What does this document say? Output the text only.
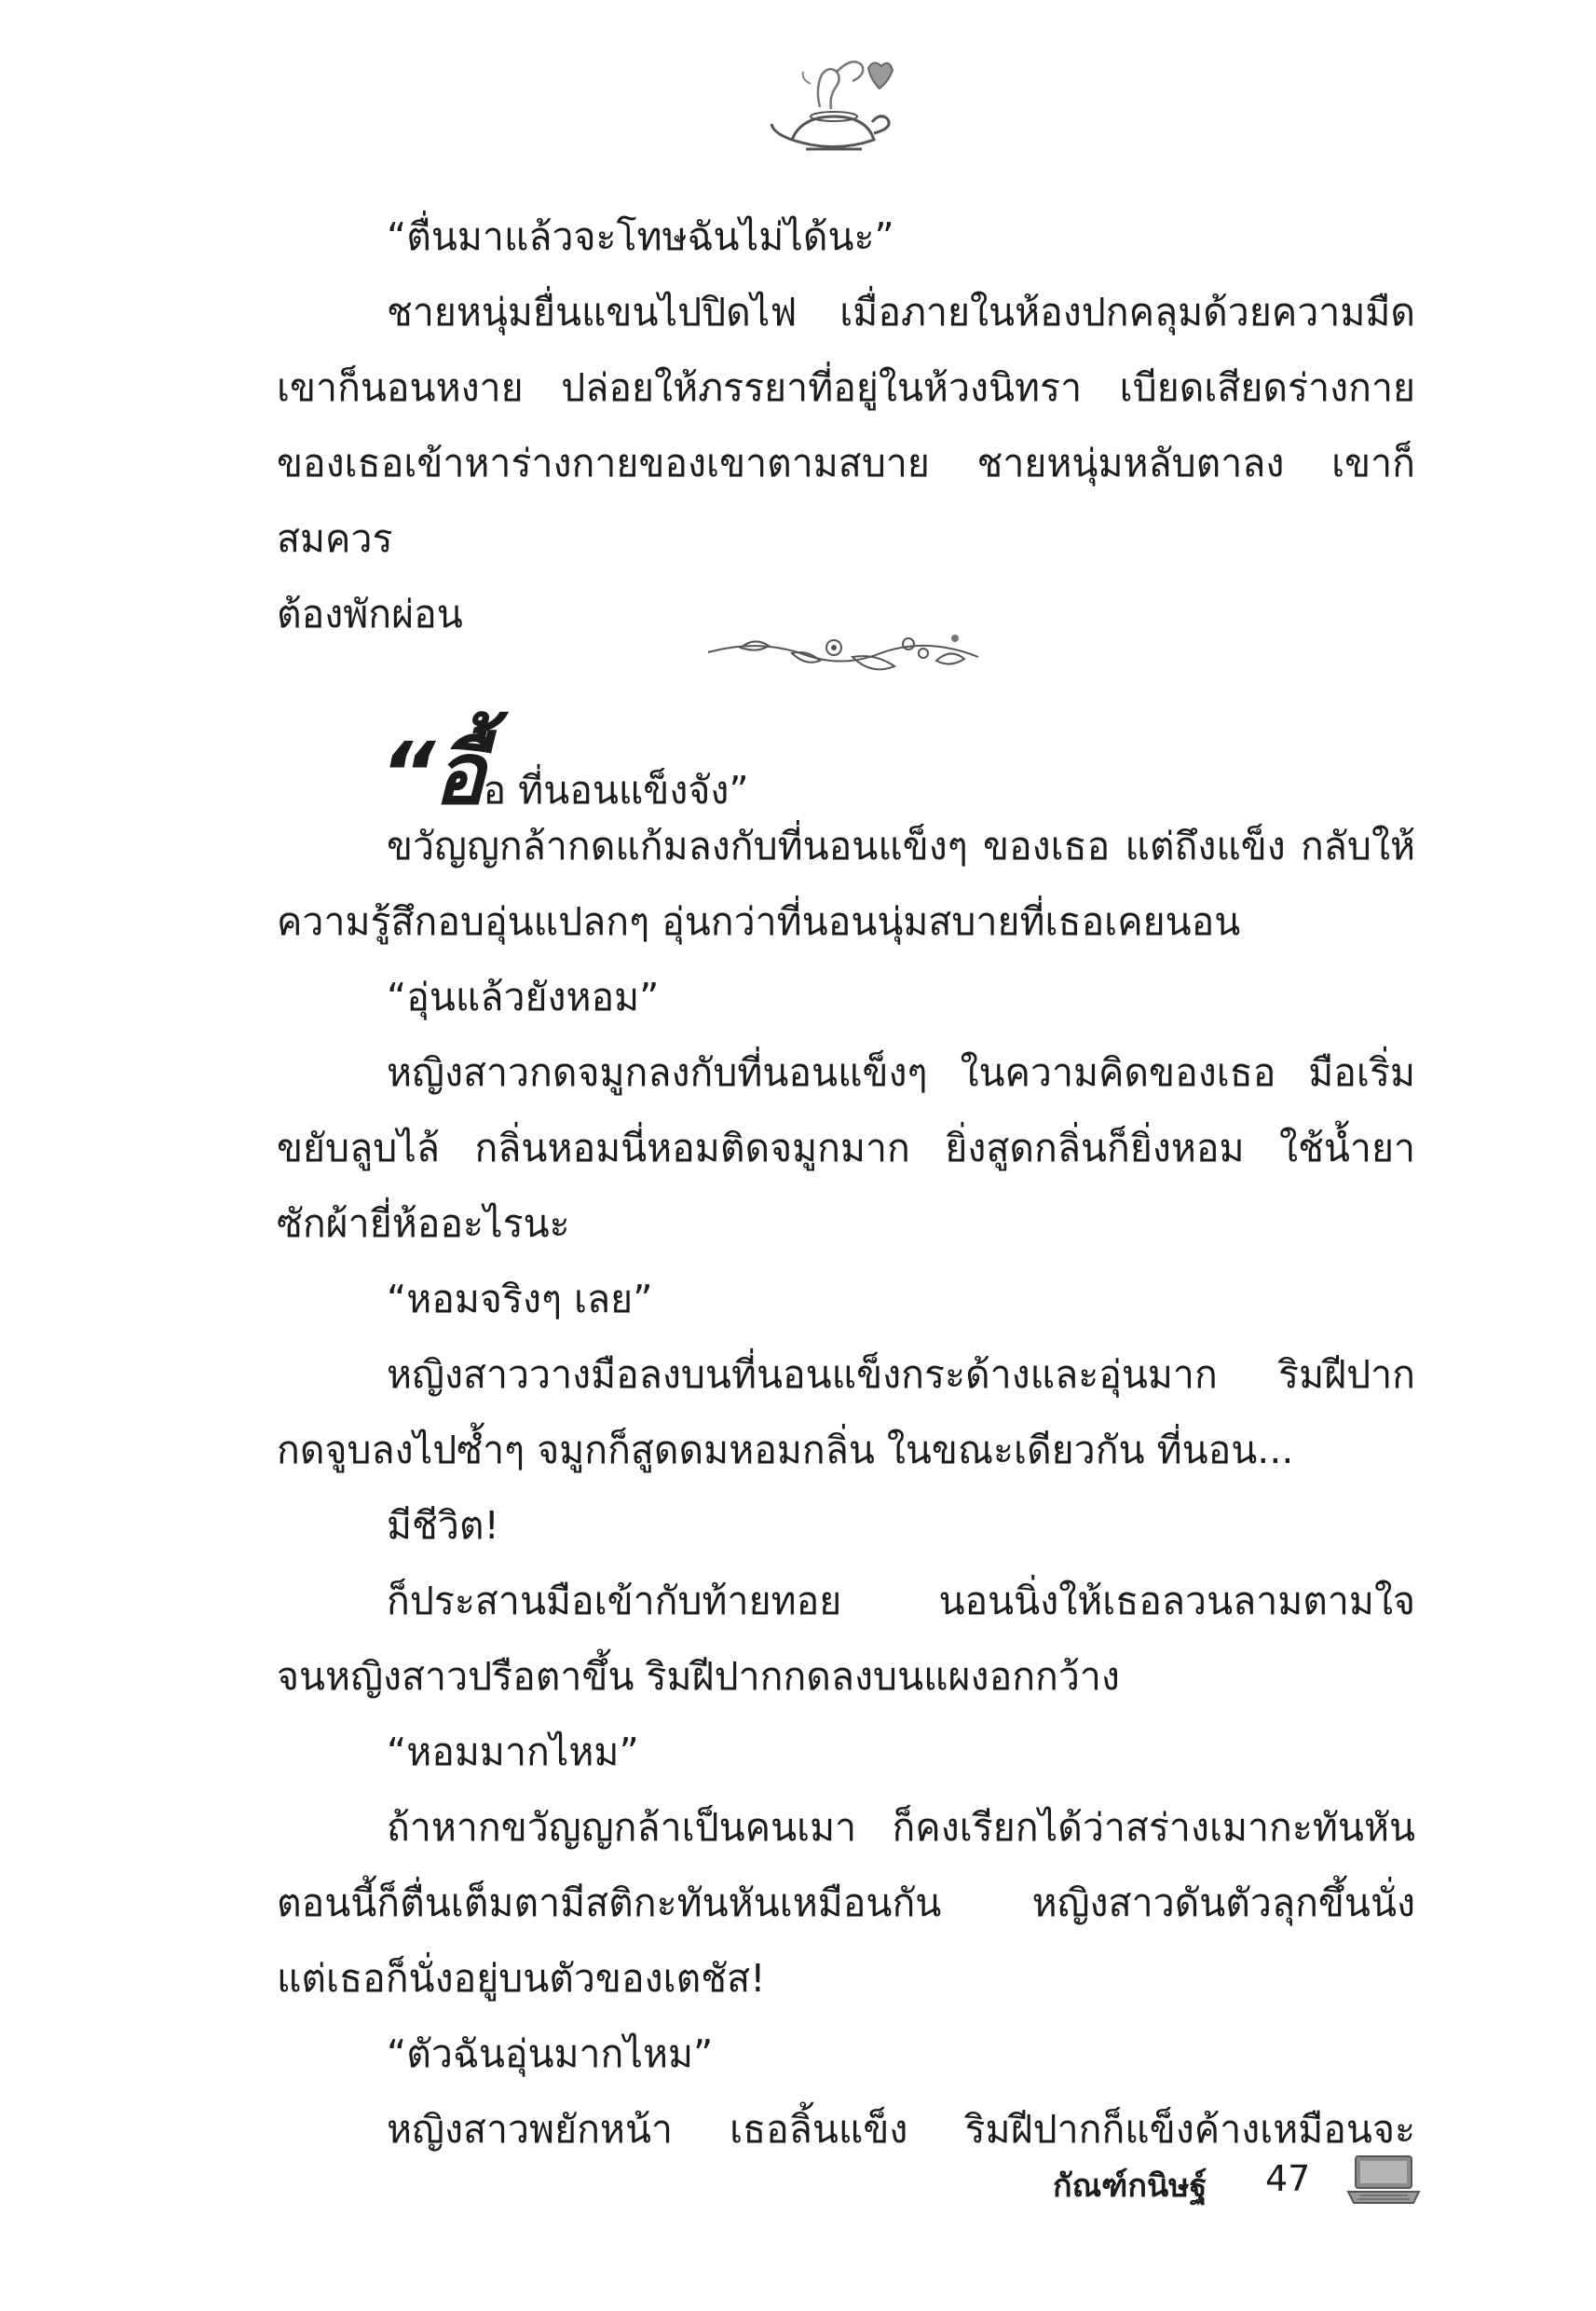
“ตื่นมาแล้วจะโทษฉันไม่ได้นะ”
ชายหนุ่มยื่นแขนไปปิดไฟ เมื่อภายในห้องปกคลุมด้วยความมืด
เขาก็นอนหงาย ปล่อยให้ภรรยาที่อยู่ในห้วงนิทรา เบียดเสียดร่างกาย
ของเธอเข้าหาร่างกายของเขาตามสบาย ชายหนุ่มหลับตาลง เขาก็สมควร
ต้องพักผ่อน
“อื้อ ที่นอนแข็งจัง”
ขวัญญกล้ากดแก้มลงกับที่นอนแข็งๆ ของเธอ แต่ถึงแข็ง กลับให้
ความรู้สึกอบอุ่นแปลกๆ อุ่นกว่าที่นอนนุ่มสบายที่เธอเคยนอน
“อุ่นแล้วยังหอม”
หญิงสาวกดจมูกลงกับที่นอนแข็งๆ ในความคิดของเธอ มือเริ่ม
ขยับลูบไล้ กลิ่นหอมนี่หอมติดจมูกมาก ยิ่งสูดกลิ่นก็ยิ่งหอม ใช้น้ำยา
ซักผ้ายี่ห้ออะไรนะ
“หอมจริงๆ เลย”
หญิงสาววางมือลงบนที่นอนแข็งกระด้างและอุ่นมาก ริมฝีปาก
กดจูบลงไปซ้ำๆ จมูกก็สูดดมหอมกลิ่น ในขณะเดียวกัน ที่นอน...
มีชีวิต!
ก็ประสานมือเข้ากับท้ายทอย นอนนิ่งให้เธอลวนลามตามใจ
จนหญิงสาวปรือตาขึ้น ริมฝีปากกดลงบนแผงอกกว้าง
“หอมมากไหม”
ถ้าหากขวัญญกล้าเป็นคนเมา ก็คงเรียกได้ว่าสร่างเมากะทันหัน
ตอนนี้ก็ตื่นเต็มตามีสติกะทันหันเหมือนกัน หญิงสาวดันตัวลุกขึ้นนั่ง
แต่เธอก็นั่งอยู่บนตัวของเตชัส!
“ตัวฉันอุ่นมากไหม”
หญิงสาวพยักหน้า เธอลิ้นแข็ง ริมฝีปากก็แข็งค้างเหมือนจะ
กัณฑ์กนิษฐ์ 47
